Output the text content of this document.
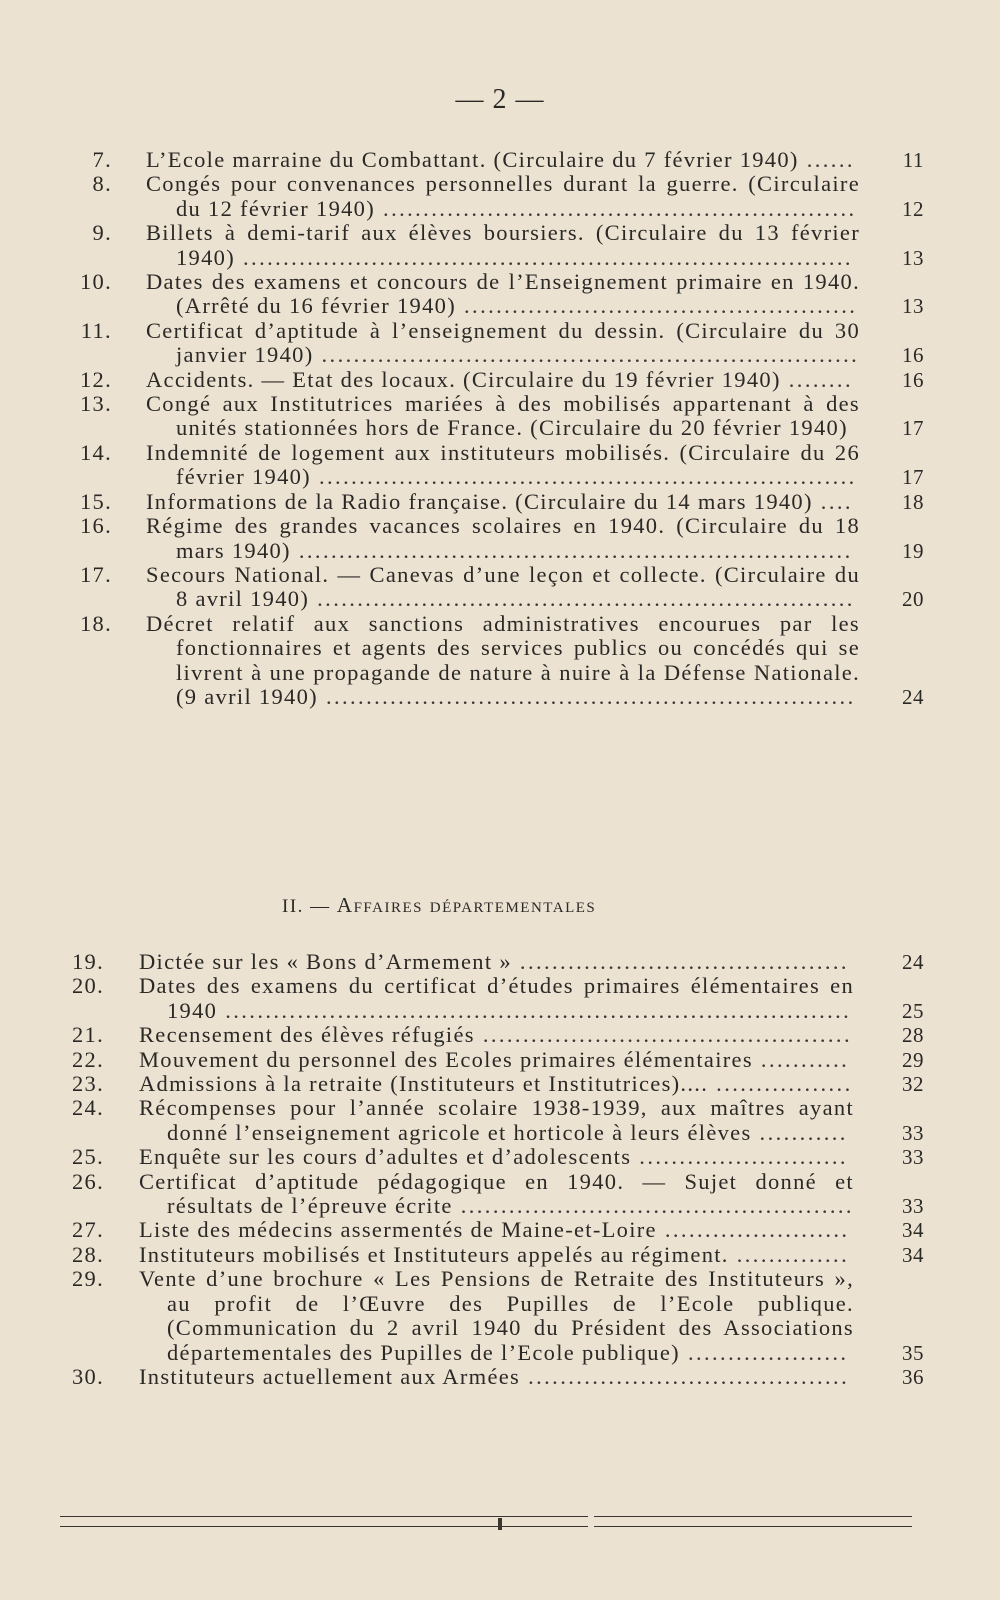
— 2 —
7. L’Ecole marraine du Combattant. (Circulaire du 7 février 1940) ......	11
8. Congés pour convenances personnelles durant la guerre. (Circulaire du 12 février 1940) ...........................................................	12
9. Billets à demi-tarif aux élèves boursiers. (Circulaire du 13 février 1940) ............................................................................	13
10. Dates des examens et concours de l’Enseignement primaire en 1940. (Arrêté du 16 février 1940) .................................................	13
11. Certificat d’aptitude à l’enseignement du dessin. (Circulaire du 30 janvier 1940) ...................................................................	16
12. Accidents. — Etat des locaux. (Circulaire du 19 février 1940) ........	16
13. Congé aux Institutrices mariées à des mobilisés appartenant à des unités stationnées hors de France. (Circulaire du 20 février 1940)	17
14. Indemnité de logement aux instituteurs mobilisés. (Circulaire du 26 février 1940) ...................................................................	17
15. Informations de la Radio française. (Circulaire du 14 mars 1940) ....	18
16. Régime des grandes vacances scolaires en 1940. (Circulaire du 18 mars 1940) .....................................................................	19
17. Secours National. — Canevas d’une leçon et collecte. (Circulaire du 8 avril 1940) ...................................................................	20
18. Décret relatif aux sanctions administratives encourues par les fonctionnaires et agents des services publics ou concédés qui se livrent à une propagande de nature à nuire à la Défense Nationale. (9 avril 1940) ..................................................................	24
II. — Affaires départementales
19. Dictée sur les « Bons d’Armement » .........................................	24
20. Dates des examens du certificat d’études primaires élémentaires en 1940 ..............................................................................	25
21. Recensement des élèves réfugiés ..............................................	28
22. Mouvement du personnel des Ecoles primaires élémentaires ...........	29
23. Admissions à la retraite (Instituteurs et Institutrices).... .................	32
24. Récompenses pour l’année scolaire 1938-1939, aux maîtres ayant donné l’enseignement agricole et horticole à leurs élèves ...........	33
25. Enquête sur les cours d’adultes et d’adolescents ..........................	33
26. Certificat d’aptitude pédagogique en 1940. — Sujet donné et résultats de l’épreuve écrite .................................................	33
27. Liste des médecins assermentés de Maine-et-Loire .......................	34
28. Instituteurs mobilisés et Instituteurs appelés au régiment. ..............	34
29. Vente d’une brochure « Les Pensions de Retraite des Instituteurs », au profit de l’Œuvre des Pupilles de l’Ecole publique. (Communication du 2 avril 1940 du Président des Associations départementales des Pupilles de l’Ecole publique) ....................	35
30. Instituteurs actuellement aux Armées ........................................	36
